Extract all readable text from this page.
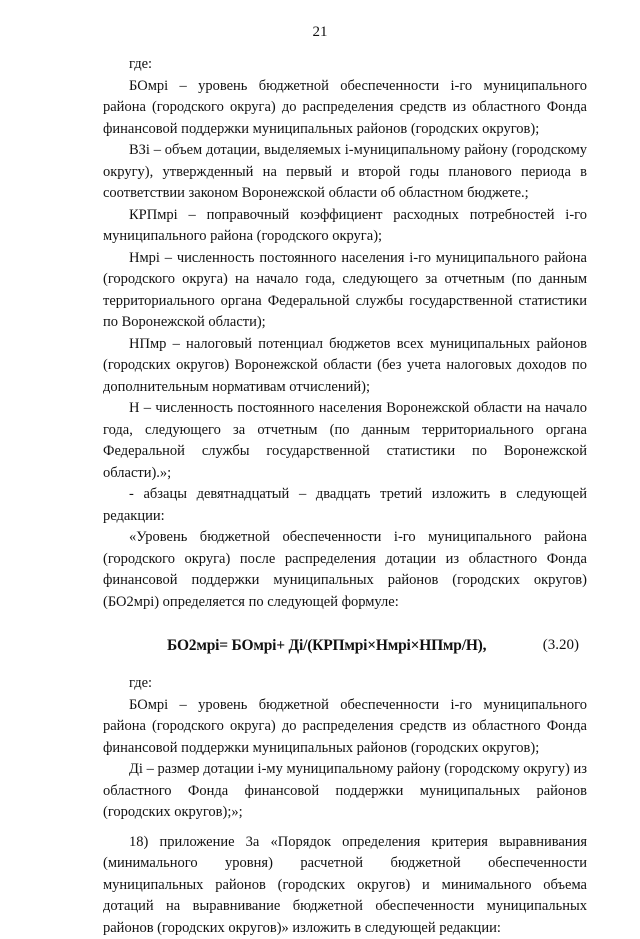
21

где:

БОмрi – уровень бюджетной обеспеченности i-го муниципального района (городского округа) до распределения средств из областного Фонда финансовой поддержки муниципальных районов (городских округов);

ВЗi – объем дотации, выделяемых i-муниципальному району (городскому округу), утвержденный на первый и второй годы планового периода в соответствии законом Воронежской области об областном бюджете.;

КРПмрi – поправочный коэффициент расходных потребностей i-го муниципального района (городского округа);

Нмрi – численность постоянного населения i-го муниципального района (городского округа) на начало года, следующего за отчетным (по данным территориального органа Федеральной службы государственной статистики по Воронежской области);

НПмр – налоговый потенциал бюджетов всех муниципальных районов (городских округов) Воронежской области (без учета налоговых доходов по дополнительным нормативам отчислений);

Н – численность постоянного населения Воронежской области на начало года, следующего за отчетным (по данным территориального органа Федеральной службы государственной статистики по Воронежской области).»;

- абзацы девятнадцатый – двадцать третий изложить в следующей редакции:

«Уровень бюджетной обеспеченности i-го муниципального района (городского округа) после распределения дотации из областного Фонда финансовой поддержки муниципальных районов (городских округов) (БО2мрi) определяется по следующей формуле:

БО2мрi= БОмрi+ Дi/(КРПмрi×Нмрi×НПмр/Н),	(3.20)

где:

БОмрi – уровень бюджетной обеспеченности i-го муниципального района (городского округа) до распределения средств из областного Фонда финансовой поддержки муниципальных районов (городских округов);

Дi – размер дотации i-му муниципальному району (городскому округу) из областного Фонда финансовой поддержки муниципальных районов (городских округов);»;

18) приложение 3а «Порядок определения критерия выравнивания (минимального уровня) расчетной бюджетной обеспеченности муниципальных районов (городских округов) и минимального объема дотаций на выравнивание бюджетной обеспеченности муниципальных районов (городских округов)» изложить в следующей редакции:
